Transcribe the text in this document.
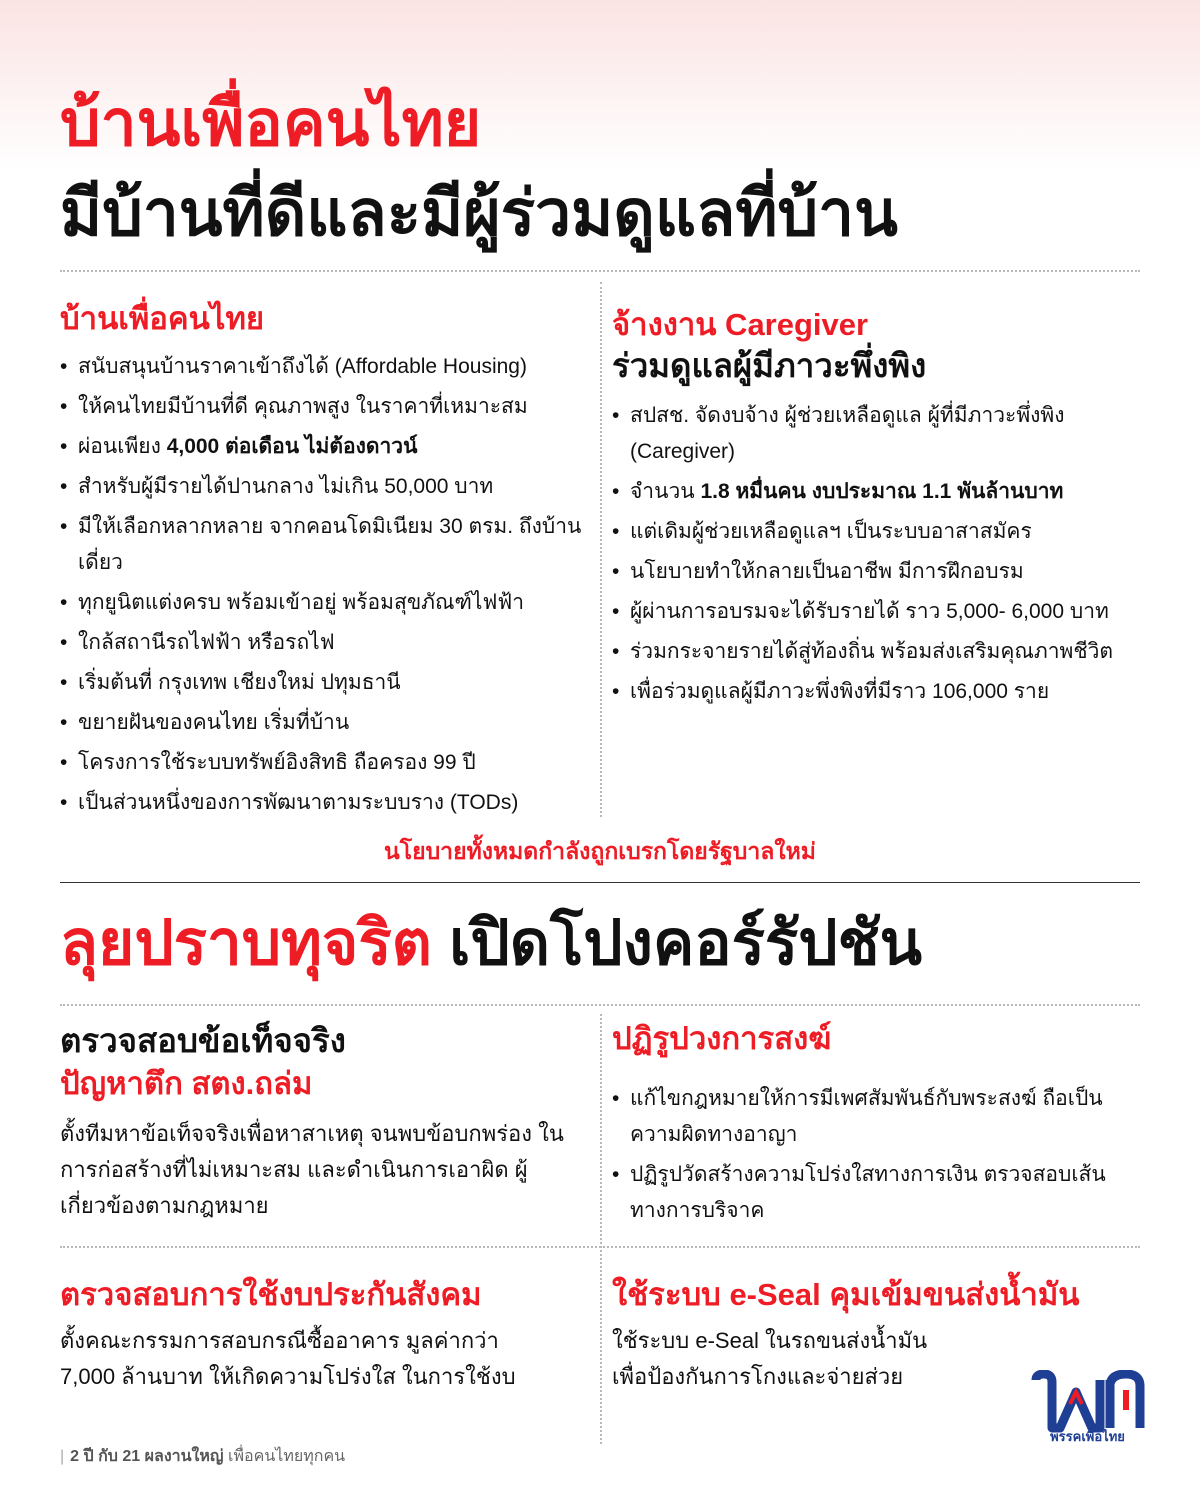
บ้านเพื่อคนไทย
มีบ้านที่ดีและมีผู้ร่วมดูแลที่บ้าน
บ้านเพื่อคนไทย
• สนับสนุนบ้านราคาเข้าถึงได้ (Affordable Housing)
• ให้คนไทยมีบ้านที่ดี คุณภาพสูง ในราคาที่เหมาะสม
• ผ่อนเพียง 4,000 ต่อเดือน ไม่ต้องดาวน์
• สำหรับผู้มีรายได้ปานกลาง ไม่เกิน 50,000 บาท
• มีให้เลือกหลากหลาย จากคอนโดมิเนียม 30 ตรม. ถึงบ้านเดี่ยว
• ทุกยูนิตแต่งครบ พร้อมเข้าอยู่ พร้อมสุขภัณฑ์ไฟฟ้า
• ใกล้สถานีรถไฟฟ้า หรือรถไฟ
• เริ่มต้นที่ กรุงเทพ เชียงใหม่ ปทุมธานี
• ขยายฝันของคนไทย เริ่มที่บ้าน
• โครงการใช้ระบบทรัพย์อิงสิทธิ ถือครอง 99 ปี
• เป็นส่วนหนึ่งของการพัฒนาตามระบบราง (TODs)
จ้างงาน Caregiver
ร่วมดูแลผู้มีภาวะพึ่งพิง
• สปสช. จัดงบจ้าง ผู้ช่วยเหลือดูแล ผู้ที่มีภาวะพึ่งพิง (Caregiver)
• จำนวน 1.8 หมื่นคน งบประมาณ 1.1 พันล้านบาท
• แต่เดิมผู้ช่วยเหลือดูแลฯ เป็นระบบอาสาสมัคร
• นโยบายทำให้กลายเป็นอาชีพ มีการฝึกอบรม
• ผู้ผ่านการอบรมจะได้รับรายได้ ราว 5,000- 6,000 บาท
• ร่วมกระจายรายได้สู่ท้องถิ่น พร้อมส่งเสริมคุณภาพชีวิต
• เพื่อร่วมดูแลผู้มีภาวะพึ่งพิงที่มีราว 106,000 ราย
นโยบายทั้งหมดกำลังถูกเบรกโดยรัฐบาลใหม่
ลุยปราบทุจริต เปิดโปงคอร์รัปชัน
ตรวจสอบข้อเท็จจริง
ปัญหาตึก สตง.ถล่ม
ตั้งทีมหาข้อเท็จจริงเพื่อหาสาเหตุ จนพบข้อบกพร่อง ในการก่อสร้างที่ไม่เหมาะสม และดำเนินการเอาผิด ผู้เกี่ยวข้องตามกฎหมาย
ปฏิรูปวงการสงฆ์
• แก้ไขกฎหมายให้การมีเพศสัมพันธ์กับพระสงฆ์ ถือเป็นความผิดทางอาญา
• ปฏิรูปวัดสร้างความโปร่งใสทางการเงิน ตรวจสอบเส้นทางการบริจาค
ตรวจสอบการใช้งบประกันสังคม
ตั้งคณะกรรมการสอบกรณีซื้ออาคาร มูลค่ากว่า 7,000 ล้านบาท ให้เกิดความโปร่งใส ในการใช้งบ
ใช้ระบบ e-Seal คุมเข้มขนส่งน้ำมัน
ใช้ระบบ e-Seal ในรถขนส่งน้ำมัน เพื่อป้องกันการโกงและจ่ายส่วย
| 2 ปี กับ 21 ผลงานใหญ่ เพื่อคนไทยทุกคน
พรรคเพื่อไทย
